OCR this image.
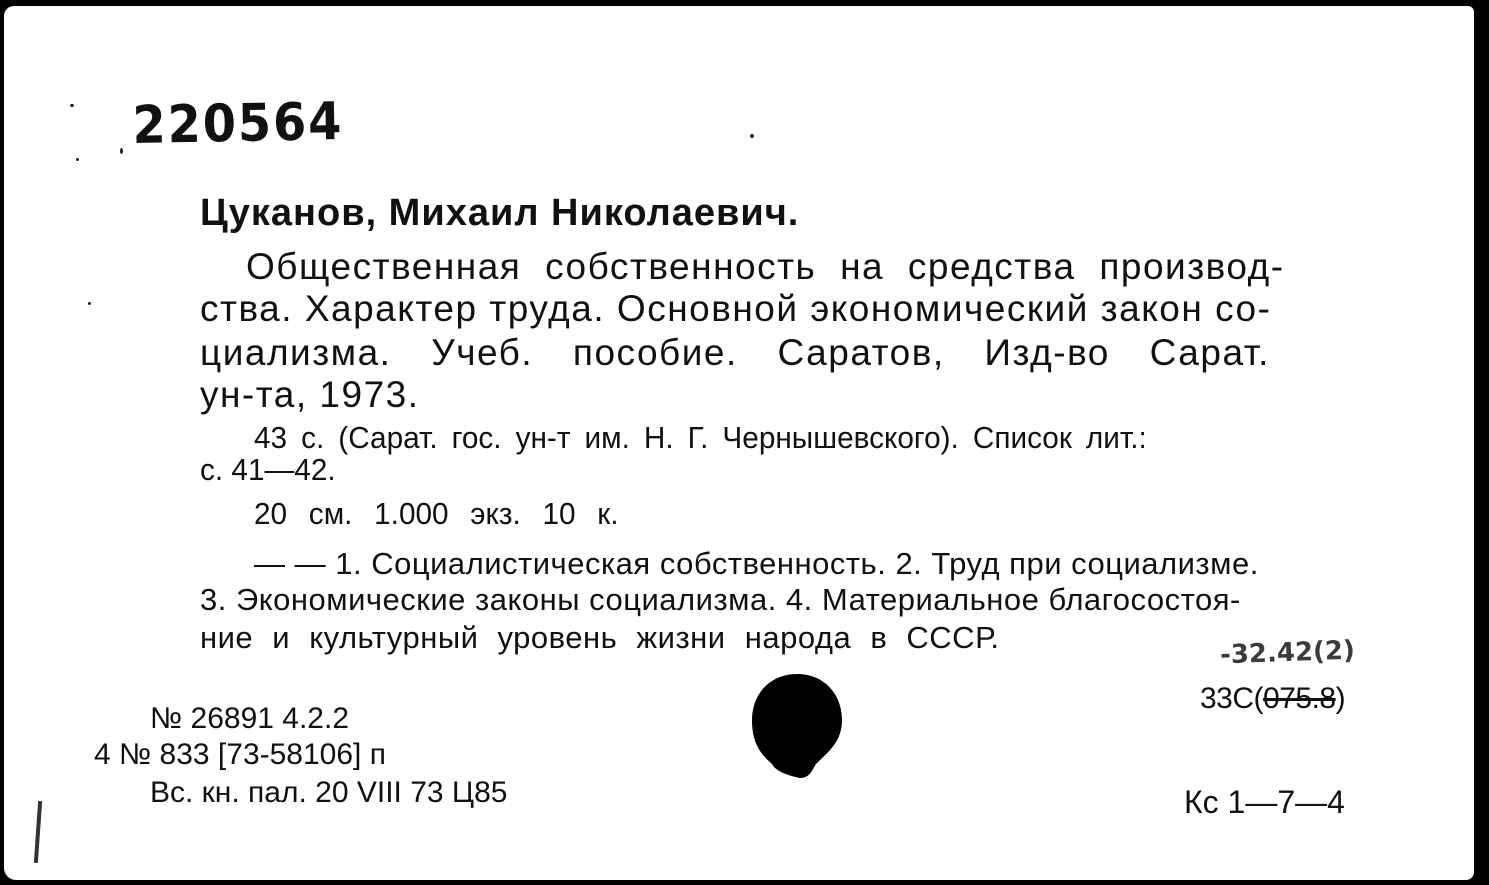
220564
Цуканов, Михаил Николаевич.
Общественная собственность на средства производ-
ства. Характер труда. Основной экономический закон со-
циализма. Учеб. пособие. Саратов, Изд-во Сарат.
ун-та, 1973.
43 с. (Сарат. гос. ун-т им. Н. Г. Чернышевского). Список лит.:
с. 41—42.
20 см. 1.000 экз. 10 к.
— — 1. Социалистическая собственность. 2. Труд при социализме.
3. Экономические законы социализма. 4. Материальное благосостоя-
ние и культурный уровень жизни народа в СССР.	-32.42(2)
№ 26891 4.2.2
4 № 833 [73-58106] п
Вс. кн. пал. 20 VIII 73 Ц85
33С(075.8)
Кс 1—7—4
